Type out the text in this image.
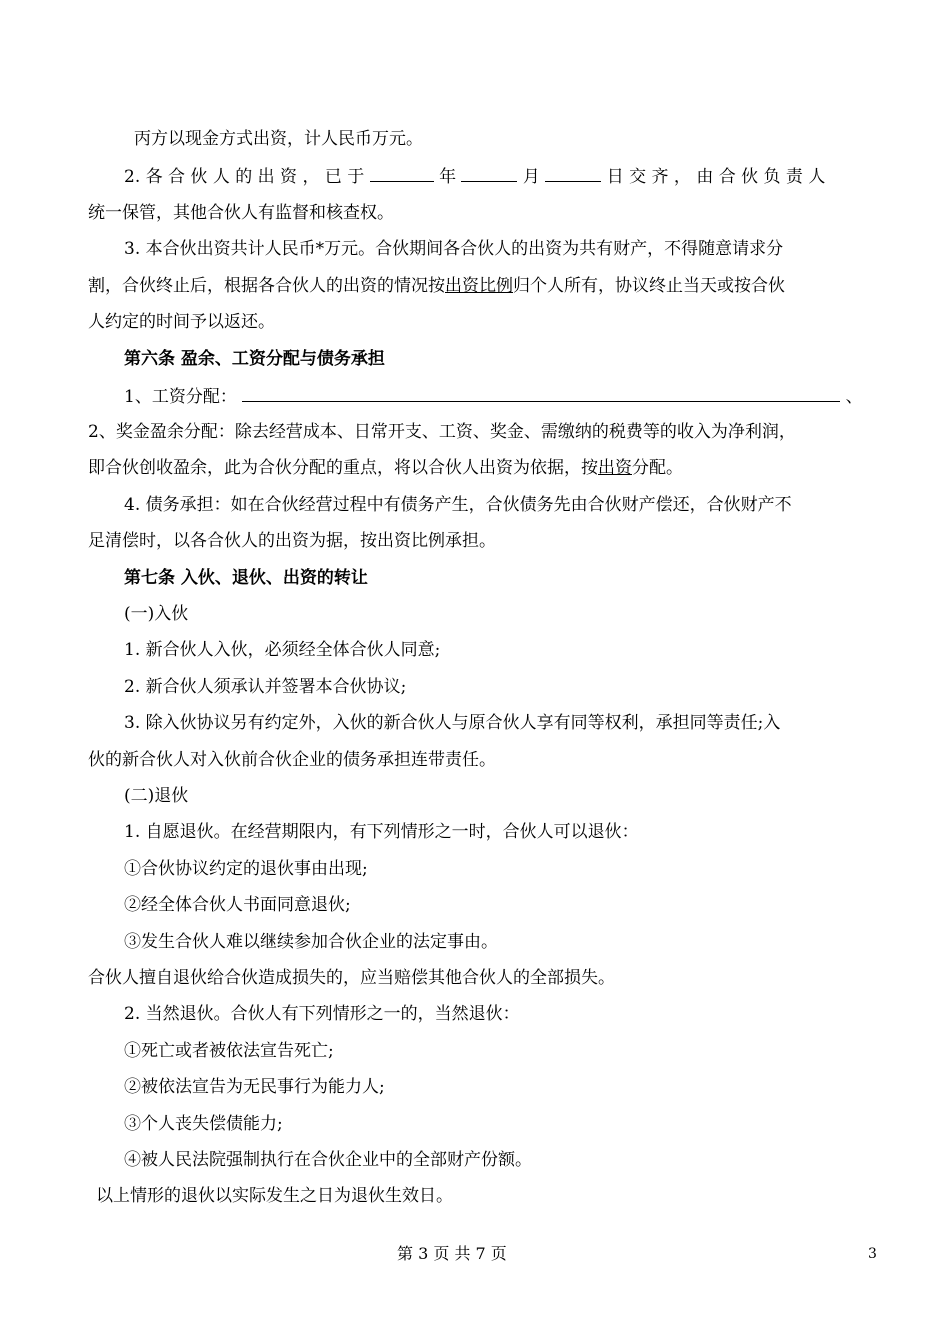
丙方以现金方式出资，计人民币万元。
2. 各 合 伙 人 的 出 资 ， 已 于	年	月	日 交 齐 ， 由 合 伙 负 责 人
统一保管，其他合伙人有监督和核查权。
3. 本合伙出资共计人民币*万元。合伙期间各合伙人的出资为共有财产，不得随意请求分
割，合伙终止后，根据各合伙人的出资的情况按出资比例归个人所有，协议终止当天或按合伙
人约定的时间予以返还。
第六条 盈余、工资分配与债务承担
1、工资分配：	、
2、奖金盈余分配：除去经营成本、日常开支、工资、奖金、需缴纳的税费等的收入为净利润，
即合伙创收盈余，此为合伙分配的重点，将以合伙人出资为依据，按出资分配。
4. 债务承担：如在合伙经营过程中有债务产生，合伙债务先由合伙财产偿还，合伙财产不
足清偿时，以各合伙人的出资为据，按出资比例承担。
第七条 入伙、退伙、出资的转让
(一)入伙
1. 新合伙人入伙，必须经全体合伙人同意;
2. 新合伙人须承认并签署本合伙协议;
3. 除入伙协议另有约定外，入伙的新合伙人与原合伙人享有同等权利，承担同等责任;入
伙的新合伙人对入伙前合伙企业的债务承担连带责任。
(二)退伙
1. 自愿退伙。在经营期限内，有下列情形之一时，合伙人可以退伙：
①合伙协议约定的退伙事由出现;
②经全体合伙人书面同意退伙;
③发生合伙人难以继续参加合伙企业的法定事由。
合伙人擅自退伙给合伙造成损失的，应当赔偿其他合伙人的全部损失。
2. 当然退伙。合伙人有下列情形之一的，当然退伙：
①死亡或者被依法宣告死亡;
②被依法宣告为无民事行为能力人;
③个人丧失偿债能力;
④被人民法院强制执行在合伙企业中的全部财产份额。
以上情形的退伙以实际发生之日为退伙生效日。
第 3 页 共 7 页	3
